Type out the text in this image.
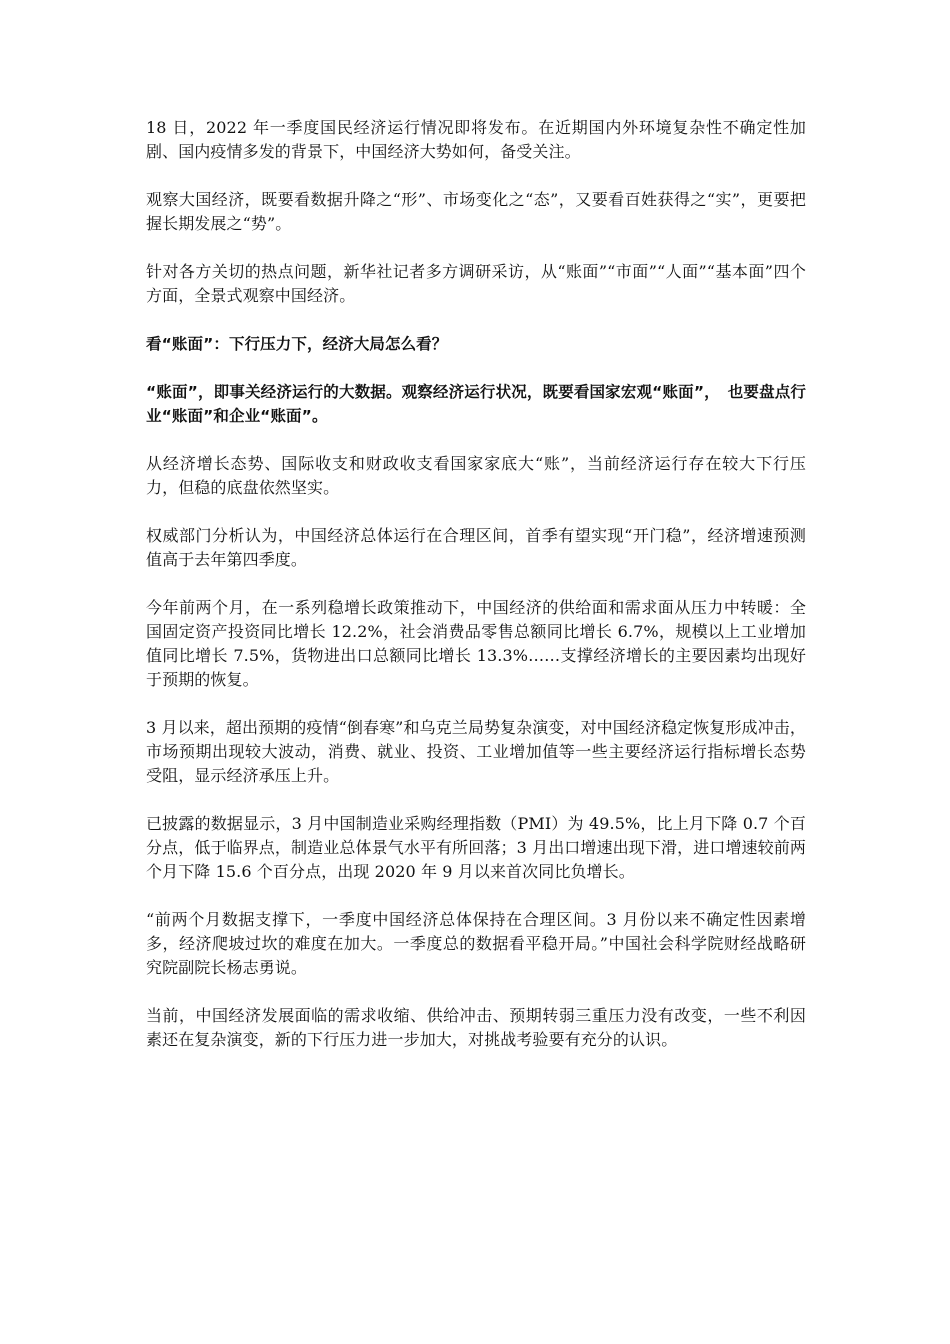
18 日，2022 年一季度国民经济运行情况即将发布。在近期国内外环境复杂性不确定性加剧、国内疫情多发的背景下，中国经济大势如何，备受关注。

观察大国经济，既要看数据升降之“形”、市场变化之“态”，又要看百姓获得之“实”，更要把握长期发展之“势”。

针对各方关切的热点问题，新华社记者多方调研采访，从“账面”“市面”“人面”“基本面”四个方面，全景式观察中国经济。

看“账面”：下行压力下，经济大局怎么看？

“账面”，即事关经济运行的大数据。观察经济运行状况，既要看国家宏观“账面”，　也要盘点行业“账面”和企业“账面”。

从经济增长态势、国际收支和财政收支看国家家底大“账”，当前经济运行存在较大下行压力，但稳的底盘依然坚实。

权威部门分析认为，中国经济总体运行在合理区间，首季有望实现“开门稳”，经济增速预测值高于去年第四季度。

今年前两个月，在一系列稳增长政策推动下，中国经济的供给面和需求面从压力中转暖：全国固定资产投资同比增长 12.2%，社会消费品零售总额同比增长 6.7%，规模以上工业增加值同比增长 7.5%，货物进出口总额同比增长 13.3%……支撑经济增长的主要因素均出现好于预期的恢复。

3 月以来，超出预期的疫情“倒春寒”和乌克兰局势复杂演变，对中国经济稳定恢复形成冲击，市场预期出现较大波动，消费、就业、投资、工业增加值等一些主要经济运行指标增长态势受阻，显示经济承压上升。

已披露的数据显示，3 月中国制造业采购经理指数（PMI）为 49.5%，比上月下降 0.7 个百分点，低于临界点，制造业总体景气水平有所回落；3 月出口增速出现下滑，进口增速较前两个月下降 15.6 个百分点，出现 2020 年 9 月以来首次同比负增长。

“前两个月数据支撑下，一季度中国经济总体保持在合理区间。3 月份以来不确定性因素增多，经济爬坡过坎的难度在加大。一季度总的数据看平稳开局。”中国社会科学院财经战略研究院副院长杨志勇说。

当前，中国经济发展面临的需求收缩、供给冲击、预期转弱三重压力没有改变，一些不利因素还在复杂演变，新的下行压力进一步加大，对挑战考验要有充分的认识。
